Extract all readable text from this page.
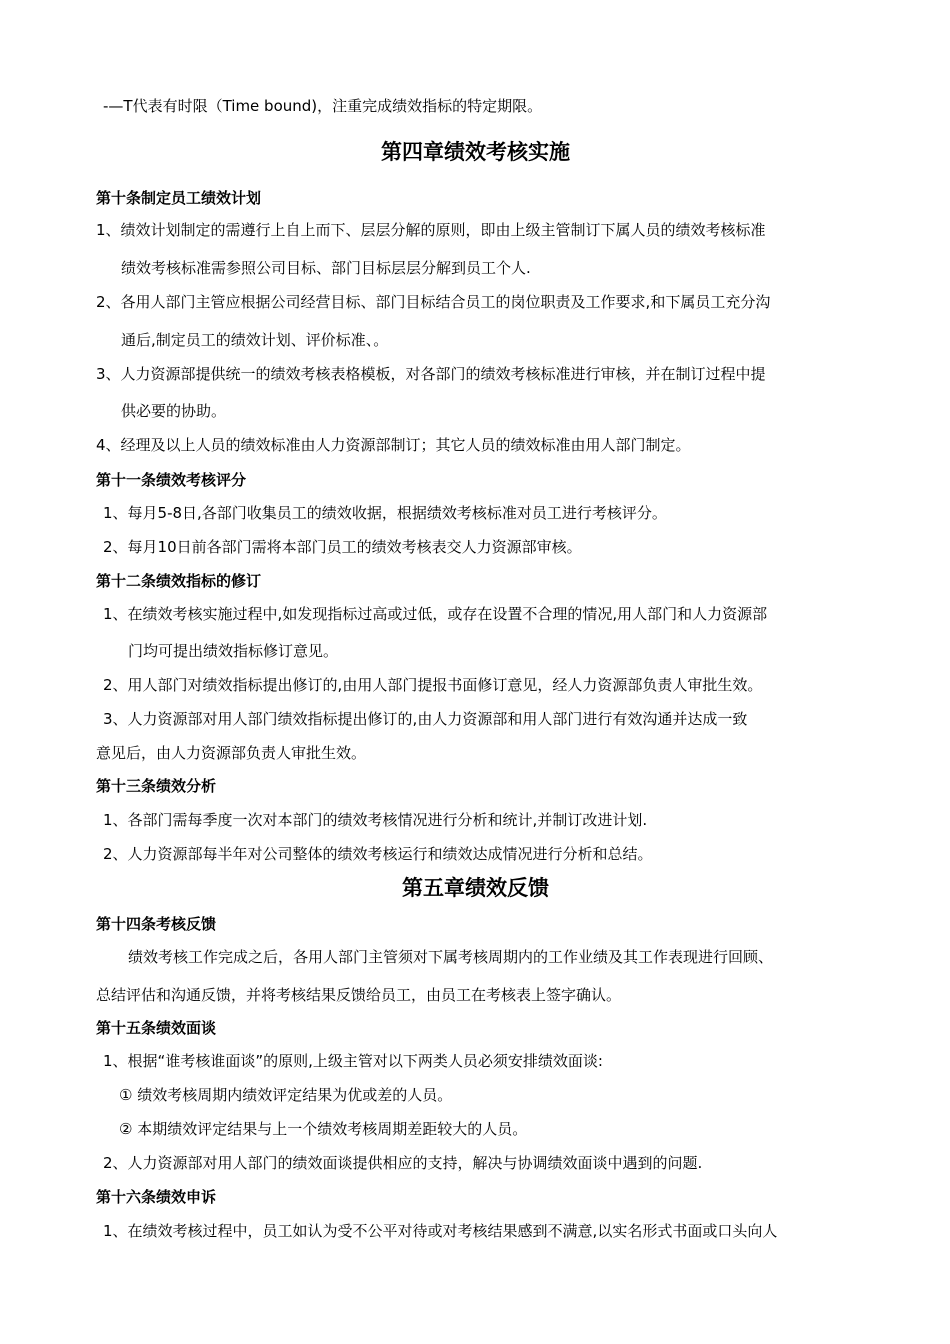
-—T代表有时限（Time bound)，注重完成绩效指标的特定期限。
第四章绩效考核实施
第十条制定员工绩效计划
1、绩效计划制定的需遵行上自上而下、层层分解的原则，即由上级主管制订下属人员的绩效考核标准
绩效考核标准需参照公司目标、部门目标层层分解到员工个人.
2、各用人部门主管应根据公司经营目标、部门目标结合员工的岗位职责及工作要求,和下属员工充分沟
通后,制定员工的绩效计划、评价标准、。
3、人力资源部提供统一的绩效考核表格模板，对各部门的绩效考核标准进行审核，并在制订过程中提
供必要的协助。
4、经理及以上人员的绩效标准由人力资源部制订；其它人员的绩效标准由用人部门制定。
第十一条绩效考核评分
1、每月5-8日,各部门收集员工的绩效收据，根据绩效考核标准对员工进行考核评分。
2、每月10日前各部门需将本部门员工的绩效考核表交人力资源部审核。
第十二条绩效指标的修订
1、在绩效考核实施过程中,如发现指标过高或过低，或存在设置不合理的情况,用人部门和人力资源部
门均可提出绩效指标修订意见。
2、用人部门对绩效指标提出修订的,由用人部门提报书面修订意见，经人力资源部负责人审批生效。
3、人力资源部对用人部门绩效指标提出修订的,由人力资源部和用人部门进行有效沟通并达成一致
意见后，由人力资源部负责人审批生效。
第十三条绩效分析
1、各部门需每季度一次对本部门的绩效考核情况进行分析和统计,并制订改进计划.
2、人力资源部每半年对公司整体的绩效考核运行和绩效达成情况进行分析和总结。
第五章绩效反馈
第十四条考核反馈
绩效考核工作完成之后，各用人部门主管须对下属考核周期内的工作业绩及其工作表现进行回顾、
总结评估和沟通反馈，并将考核结果反馈给员工，由员工在考核表上签字确认。
第十五条绩效面谈
1、根据“谁考核谁面谈”的原则,上级主管对以下两类人员必须安排绩效面谈:
① 绩效考核周期内绩效评定结果为优或差的人员。
② 本期绩效评定结果与上一个绩效考核周期差距较大的人员。
2、人力资源部对用人部门的绩效面谈提供相应的支持，解决与协调绩效面谈中遇到的问题.
第十六条绩效申诉
1、在绩效考核过程中，员工如认为受不公平对待或对考核结果感到不满意,以实名形式书面或口头向人
